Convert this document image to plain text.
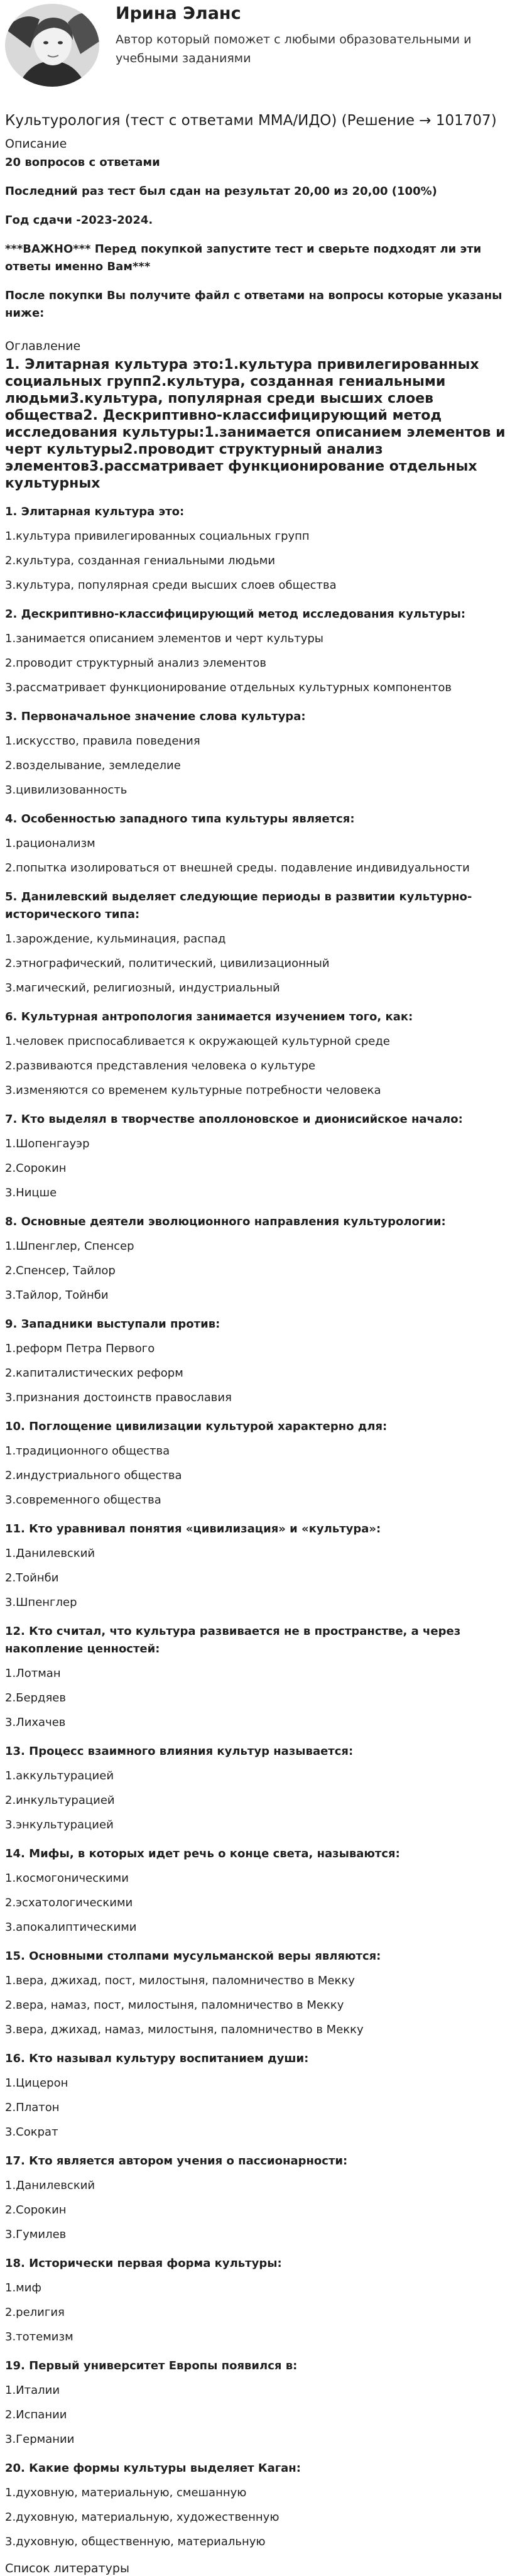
Ирина Эланс

Автор который поможет с любыми образовательными и учебными заданиями

Культурология (тест с ответами ММА/ИДО) (Решение → 101707)

Описание

20 вопросов с ответами

Последний раз тест был сдан на результат 20,00 из 20,00 (100%)

Год сдачи -2023-2024.

***ВАЖНО*** Перед покупкой запустите тест и сверьте подходят ли эти ответы именно Вам***

После покупки Вы получите файл с ответами на вопросы которые указаны ниже:

Оглавление

1. Элитарная культура это:1.культура привилегированных социальных групп2.культура, созданная гениальными людьми3.культура, популярная среди высших слоев общества2. Дескриптивно-классифицирующий метод исследования культуры:1.занимается описанием элементов и черт культуры2.проводит структурный анализ элементов3.рассматривает функционирование отдельных культурных

1. Элитарная культура это:

1.культура привилегированных социальных групп

2.культура, созданная гениальными людьми

3.культура, популярная среди высших слоев общества

2. Дескриптивно-классифицирующий метод исследования культуры:

1.занимается описанием элементов и черт культуры

2.проводит структурный анализ элементов

3.рассматривает функционирование отдельных культурных компонентов

3. Первоначальное значение слова культура:

1.искусство, правила поведения

2.возделывание, земледелие

3.цивилизованность

4. Особенностью западного типа культуры является:

1.рационализм

2.попытка изолироваться от внешней среды. подавление индивидуальности

5. Данилевский выделяет следующие периоды в развитии культурно-исторического типа:

1.зарождение, кульминация, распад

2.этнографический, политический, цивилизационный

3.магический, религиозный, индустриальный

6. Культурная антропология занимается изучением того, как:

1.человек приспосабливается к окружающей культурной среде

2.развиваются представления человека о культуре

3.изменяются со временем культурные потребности человека

7. Кто выделял в творчестве аполлоновское и дионисийское начало:

1.Шопенгауэр

2.Сорокин

3.Ницше

8. Основные деятели эволюционного направления культурологии:

1.Шпенглер, Спенсер

2.Спенсер, Тайлор

3.Тайлор, Тойнби

9. Западники выступали против:

1.реформ Петра Первого

2.капиталистических реформ

3.признания достоинств православия

10. Поглощение цивилизации культурой характерно для:

1.традиционного общества

2.индустриального общества

3.современного общества

11. Кто уравнивал понятия «цивилизация» и «культура»:

1.Данилевский

2.Тойнби

3.Шпенглер

12. Кто считал, что культура развивается не в пространстве, а через накопление ценностей:

1.Лотман

2.Бердяев

3.Лихачев

13. Процесс взаимного влияния культур называется:

1.аккультурацией

2.инкультурацией

3.энкультурацией

14. Мифы, в которых идет речь о конце света, называются:

1.космогоническими

2.эсхатологическими

3.апокалиптическими

15. Основными столпами мусульманской веры являются:

1.вера, джихад, пост, милостыня, паломничество в Мекку

2.вера, намаз, пост, милостыня, паломничество в Мекку

3.вера, джихад, намаз, милостыня, паломничество в Мекку

16. Кто называл культуру воспитанием души:

1.Цицерон

2.Платон

3.Сократ

17. Кто является автором учения о пассионарности:

1.Данилевский

2.Сорокин

3.Гумилев

18. Исторически первая форма культуры:

1.миф

2.религия

3.тотемизм

19. Первый университет Европы появился в:

1.Италии

2.Испании

3.Германии

20. Какие формы культуры выделяет Каган:

1.духовную, материальную, смешанную

2.духовную, материальную, художественную

3.духовную, общественную, материальную

Список литературы
